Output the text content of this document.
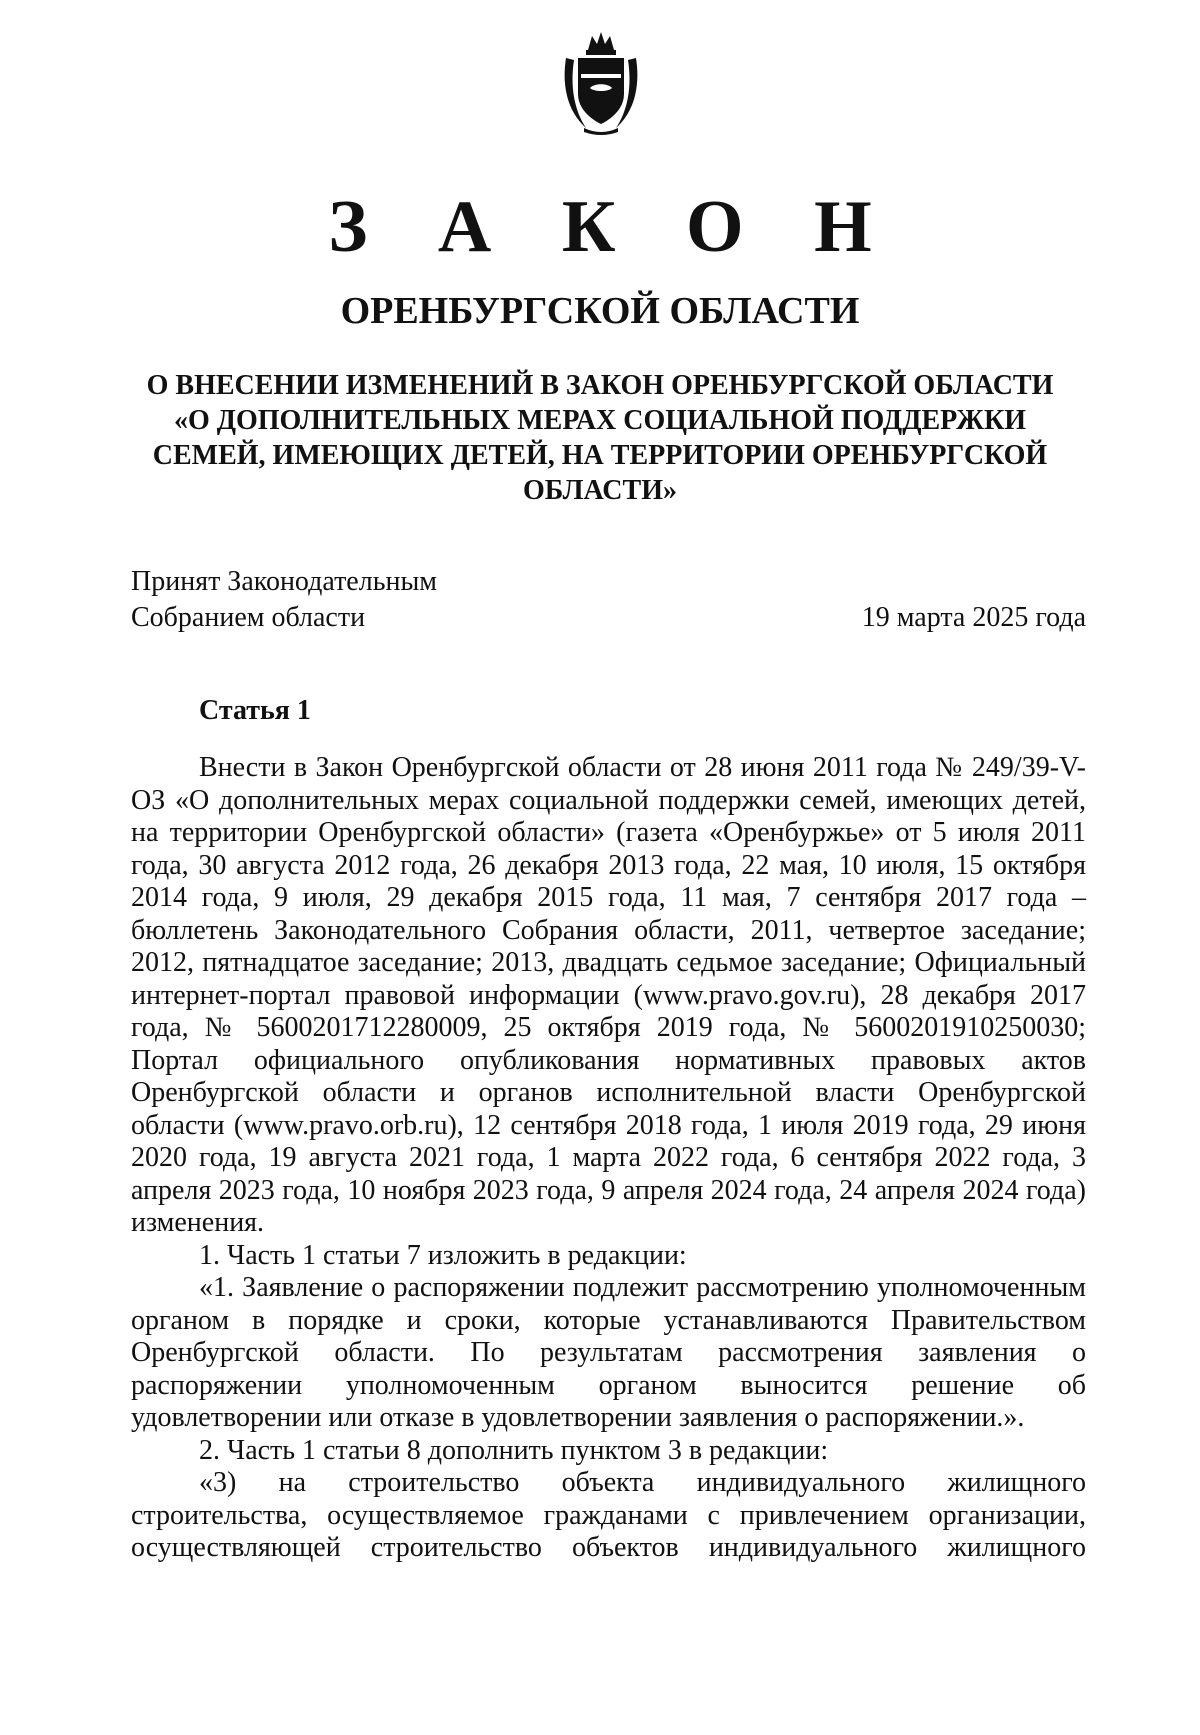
З А К О Н
ОРЕНБУРГСКОЙ ОБЛАСТИ
О ВНЕСЕНИИ ИЗМЕНЕНИЙ В ЗАКОН ОРЕНБУРГСКОЙ ОБЛАСТИ
«О ДОПОЛНИТЕЛЬНЫХ МЕРАХ СОЦИАЛЬНОЙ ПОДДЕРЖКИ
СЕМЕЙ, ИМЕЮЩИХ ДЕТЕЙ, НА ТЕРРИТОРИИ ОРЕНБУРГСКОЙ
ОБЛАСТИ»
Принят Законодательным
Собранием области	19 марта 2025 года
Статья 1

Внести в Закон Оренбургской области от 28 июня 2011 года № 249/39-V-ОЗ «О дополнительных мерах социальной поддержки семей, имеющих детей, на территории Оренбургской области» (газета «Оренбуржье» от 5 июля 2011 года, 30 августа 2012 года, 26 декабря 2013 года, 22 мая, 10 июля, 15 октября 2014 года, 9 июля, 29 декабря 2015 года, 11 мая, 7 сентября 2017 года – бюллетень Законодательного Собрания области, 2011, четвертое заседание; 2012, пятнадцатое заседание; 2013, двадцать седьмое заседание; Официальный интернет-портал правовой информации (www.pravo.gov.ru), 28 декабря 2017 года, № 5600201712280009, 25 октября 2019 года, № 5600201910250030; Портал официального опубликования нормативных правовых актов Оренбургской области и органов исполнительной власти Оренбургской области (www.pravo.orb.ru), 12 сентября 2018 года, 1 июля 2019 года, 29 июня 2020 года, 19 августа 2021 года, 1 марта 2022 года, 6 сентября 2022 года, 3 апреля 2023 года, 10 ноября 2023 года, 9 апреля 2024 года, 24 апреля 2024 года) изменения.

1. Часть 1 статьи 7 изложить в редакции:

«1. Заявление о распоряжении подлежит рассмотрению уполномоченным органом в порядке и сроки, которые устанавливаются Правительством Оренбургской области. По результатам рассмотрения заявления о распоряжении уполномоченным органом выносится решение об удовлетворении или отказе в удовлетворении заявления о распоряжении.».

2. Часть 1 статьи 8 дополнить пунктом 3 в редакции:

«3) на строительство объекта индивидуального жилищного строительства, осуществляемое гражданами с привлечением организации, осуществляющей строительство объектов индивидуального жилищного
